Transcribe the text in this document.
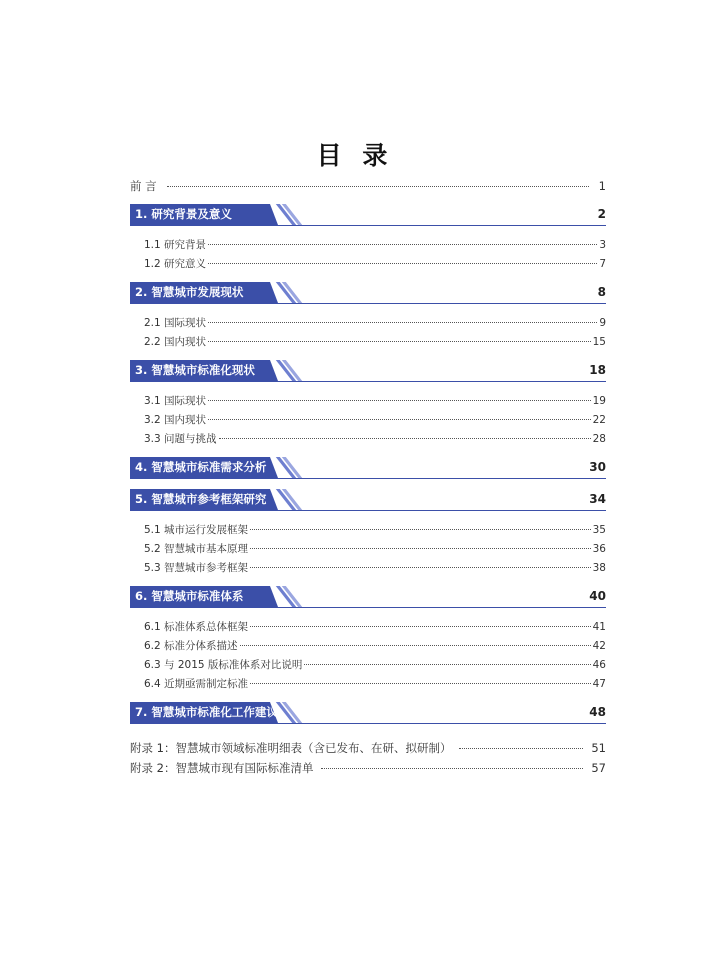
目 录
前 言	1
1. 研究背景及意义	2
1.1 研究背景	3
1.2 研究意义	7
2. 智慧城市发展现状	8
2.1 国际现状	9
2.2 国内现状	15
3. 智慧城市标准化现状	18
3.1 国际现状	19
3.2 国内现状	22
3.3 问题与挑战	28
4. 智慧城市标准需求分析	30
5. 智慧城市参考框架研究	34
5.1 城市运行发展框架	35
5.2 智慧城市基本原理	36
5.3 智慧城市参考框架	38
6. 智慧城市标准体系	40
6.1 标准体系总体框架	41
6.2 标准分体系描述	42
6.3 与 2015 版标准体系对比说明	46
6.4 近期亟需制定标准	47
7. 智慧城市标准化工作建议	48
附录 1：智慧城市领域标准明细表（含已发布、在研、拟研制）	51
附录 2：智慧城市现有国际标准清单	57
